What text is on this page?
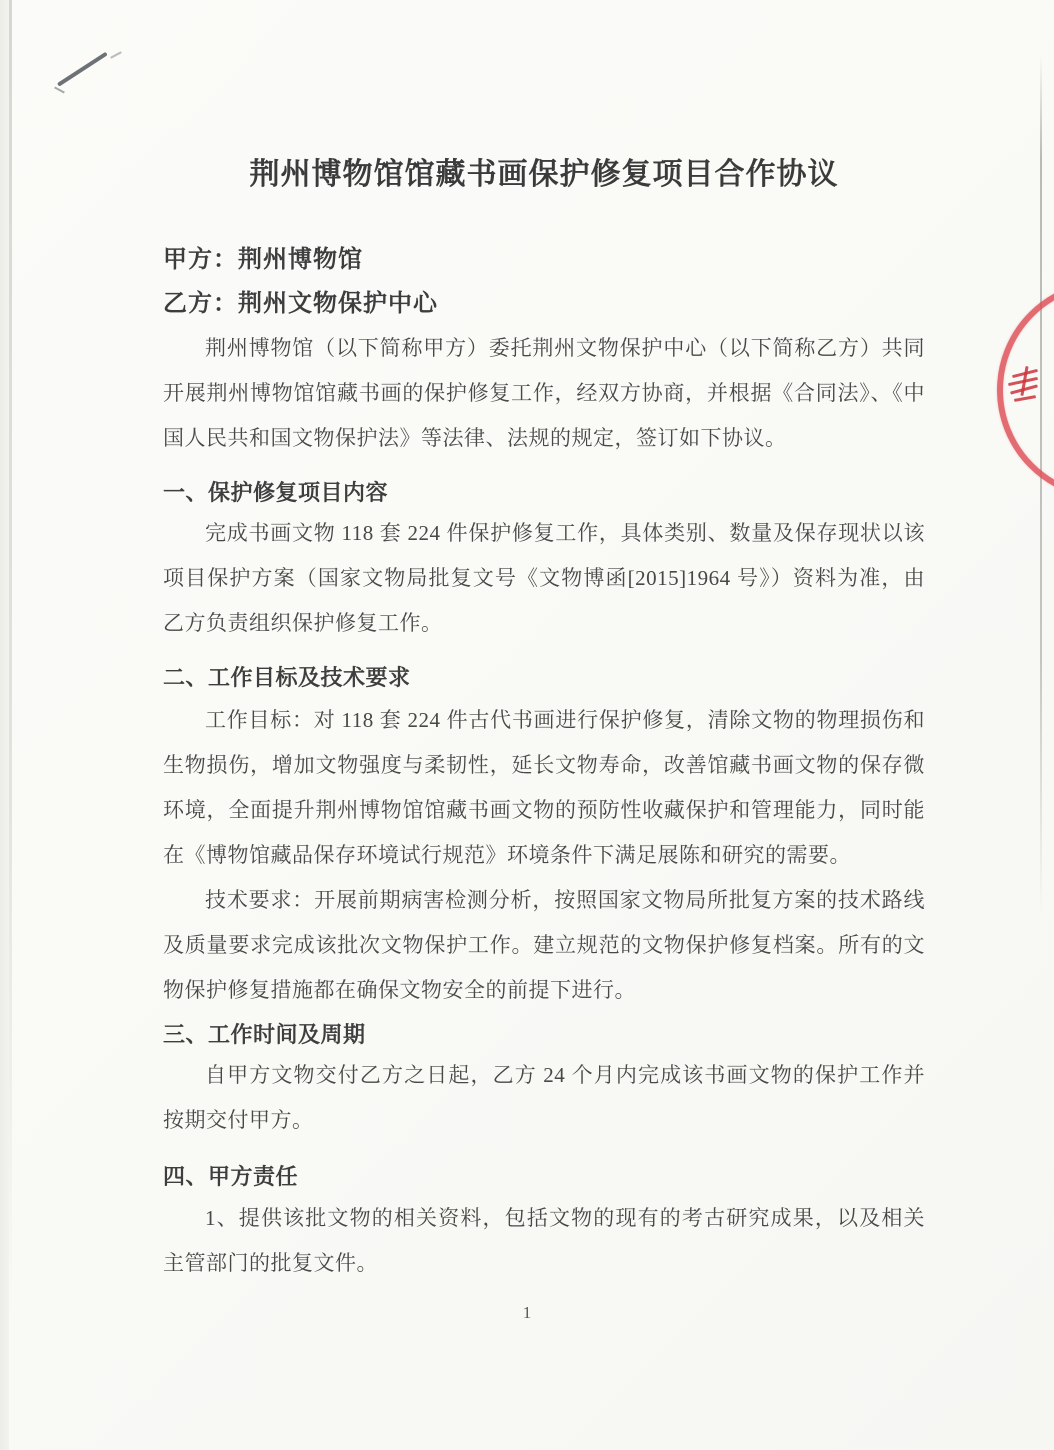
荆州博物馆馆藏书画保护修复项目合作协议
甲方：荆州博物馆
乙方：荆州文物保护中心

荆州博物馆（以下简称甲方）委托荆州文物保护中心（以下简称乙方）共同开展荆州博物馆馆藏书画的保护修复工作，经双方协商，并根据《合同法》、《中国人民共和国文物保护法》等法律、法规的规定，签订如下协议。

一、保护修复项目内容

完成书画文物 118 套 224 件保护修复工作，具体类别、数量及保存现状以该项目保护方案（国家文物局批复文号《文物博函[2015]1964 号》）资料为准，由乙方负责组织保护修复工作。

二、工作目标及技术要求

工作目标：对 118 套 224 件古代书画进行保护修复，清除文物的物理损伤和生物损伤，增加文物强度与柔韧性，延长文物寿命，改善馆藏书画文物的保存微环境，全面提升荆州博物馆馆藏书画文物的预防性收藏保护和管理能力，同时能在《博物馆藏品保存环境试行规范》环境条件下满足展陈和研究的需要。

技术要求：开展前期病害检测分析，按照国家文物局所批复方案的技术路线及质量要求完成该批次文物保护工作。建立规范的文物保护修复档案。所有的文物保护修复措施都在确保文物安全的前提下进行。

三、工作时间及周期

自甲方文物交付乙方之日起，乙方 24 个月内完成该书画文物的保护工作并按期交付甲方。

四、甲方责任

1、提供该批文物的相关资料，包括文物的现有的考古研究成果，以及相关主管部门的批复文件。

1
